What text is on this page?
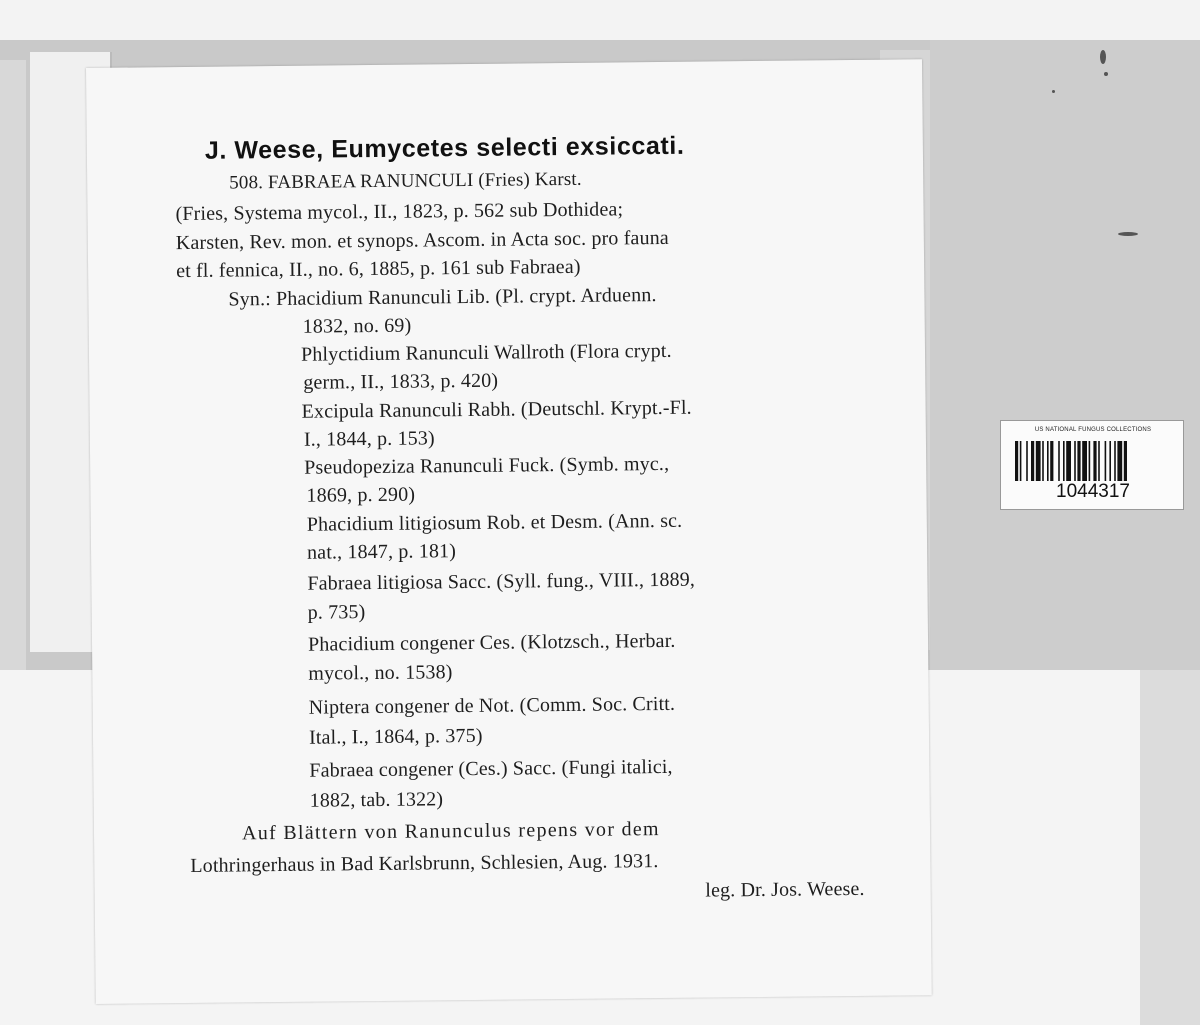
US NATIONAL FUNGUS COLLECTIONS
1044317
J. Weese, Eumycetes selecti exsiccati.
508. FABRAEA RANUNCULI (Fries) Karst.
(Fries, Systema mycol., II., 1823, p. 562 sub Dothidea;
Karsten, Rev. mon. et synops. Ascom. in Acta soc. pro fauna
et fl. fennica, II., no. 6, 1885, p. 161 sub Fabraea)
Syn.: Phacidium Ranunculi Lib. (Pl. crypt. Arduenn.
1832, no. 69)
Phlyctidium Ranunculi Wallroth (Flora crypt.
germ., II., 1833, p. 420)
Excipula Ranunculi Rabh. (Deutschl. Krypt.-Fl.
I., 1844, p. 153)
Pseudopeziza Ranunculi Fuck. (Symb. myc.,
1869, p. 290)
Phacidium litigiosum Rob. et Desm. (Ann. sc.
nat., 1847, p. 181)
Fabraea litigiosa Sacc. (Syll. fung., VIII., 1889,
p. 735)
Phacidium congener Ces. (Klotzsch., Herbar.
mycol., no. 1538)
Niptera congener de Not. (Comm. Soc. Critt.
Ital., I., 1864, p. 375)
Fabraea congener (Ces.) Sacc. (Fungi italici,
1882, tab. 1322)
Auf Blättern von Ranunculus repens vor dem
Lothringerhaus in Bad Karlsbrunn, Schlesien, Aug. 1931.
leg. Dr. Jos. Weese.
